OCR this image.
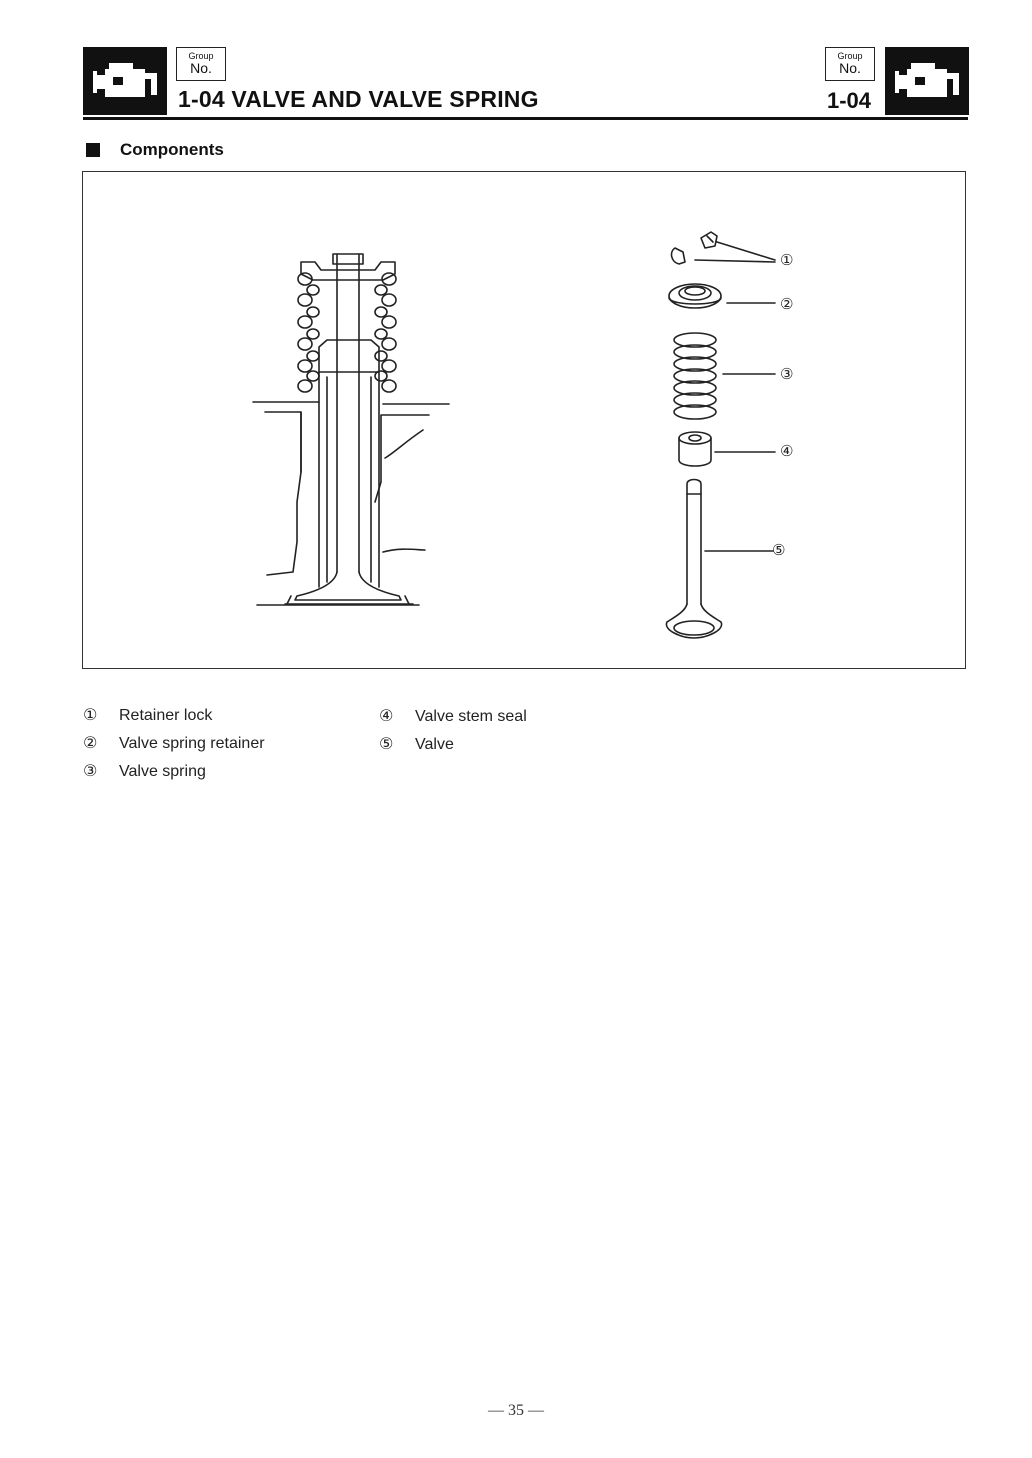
Group
No.
1-04 VALVE AND VALVE SPRING
Group
No.
1-04
Components
①
②
③
④
⑤
① Retainer lock
② Valve spring retainer
③ Valve spring
④ Valve stem seal
⑤ Valve
— 35 —
